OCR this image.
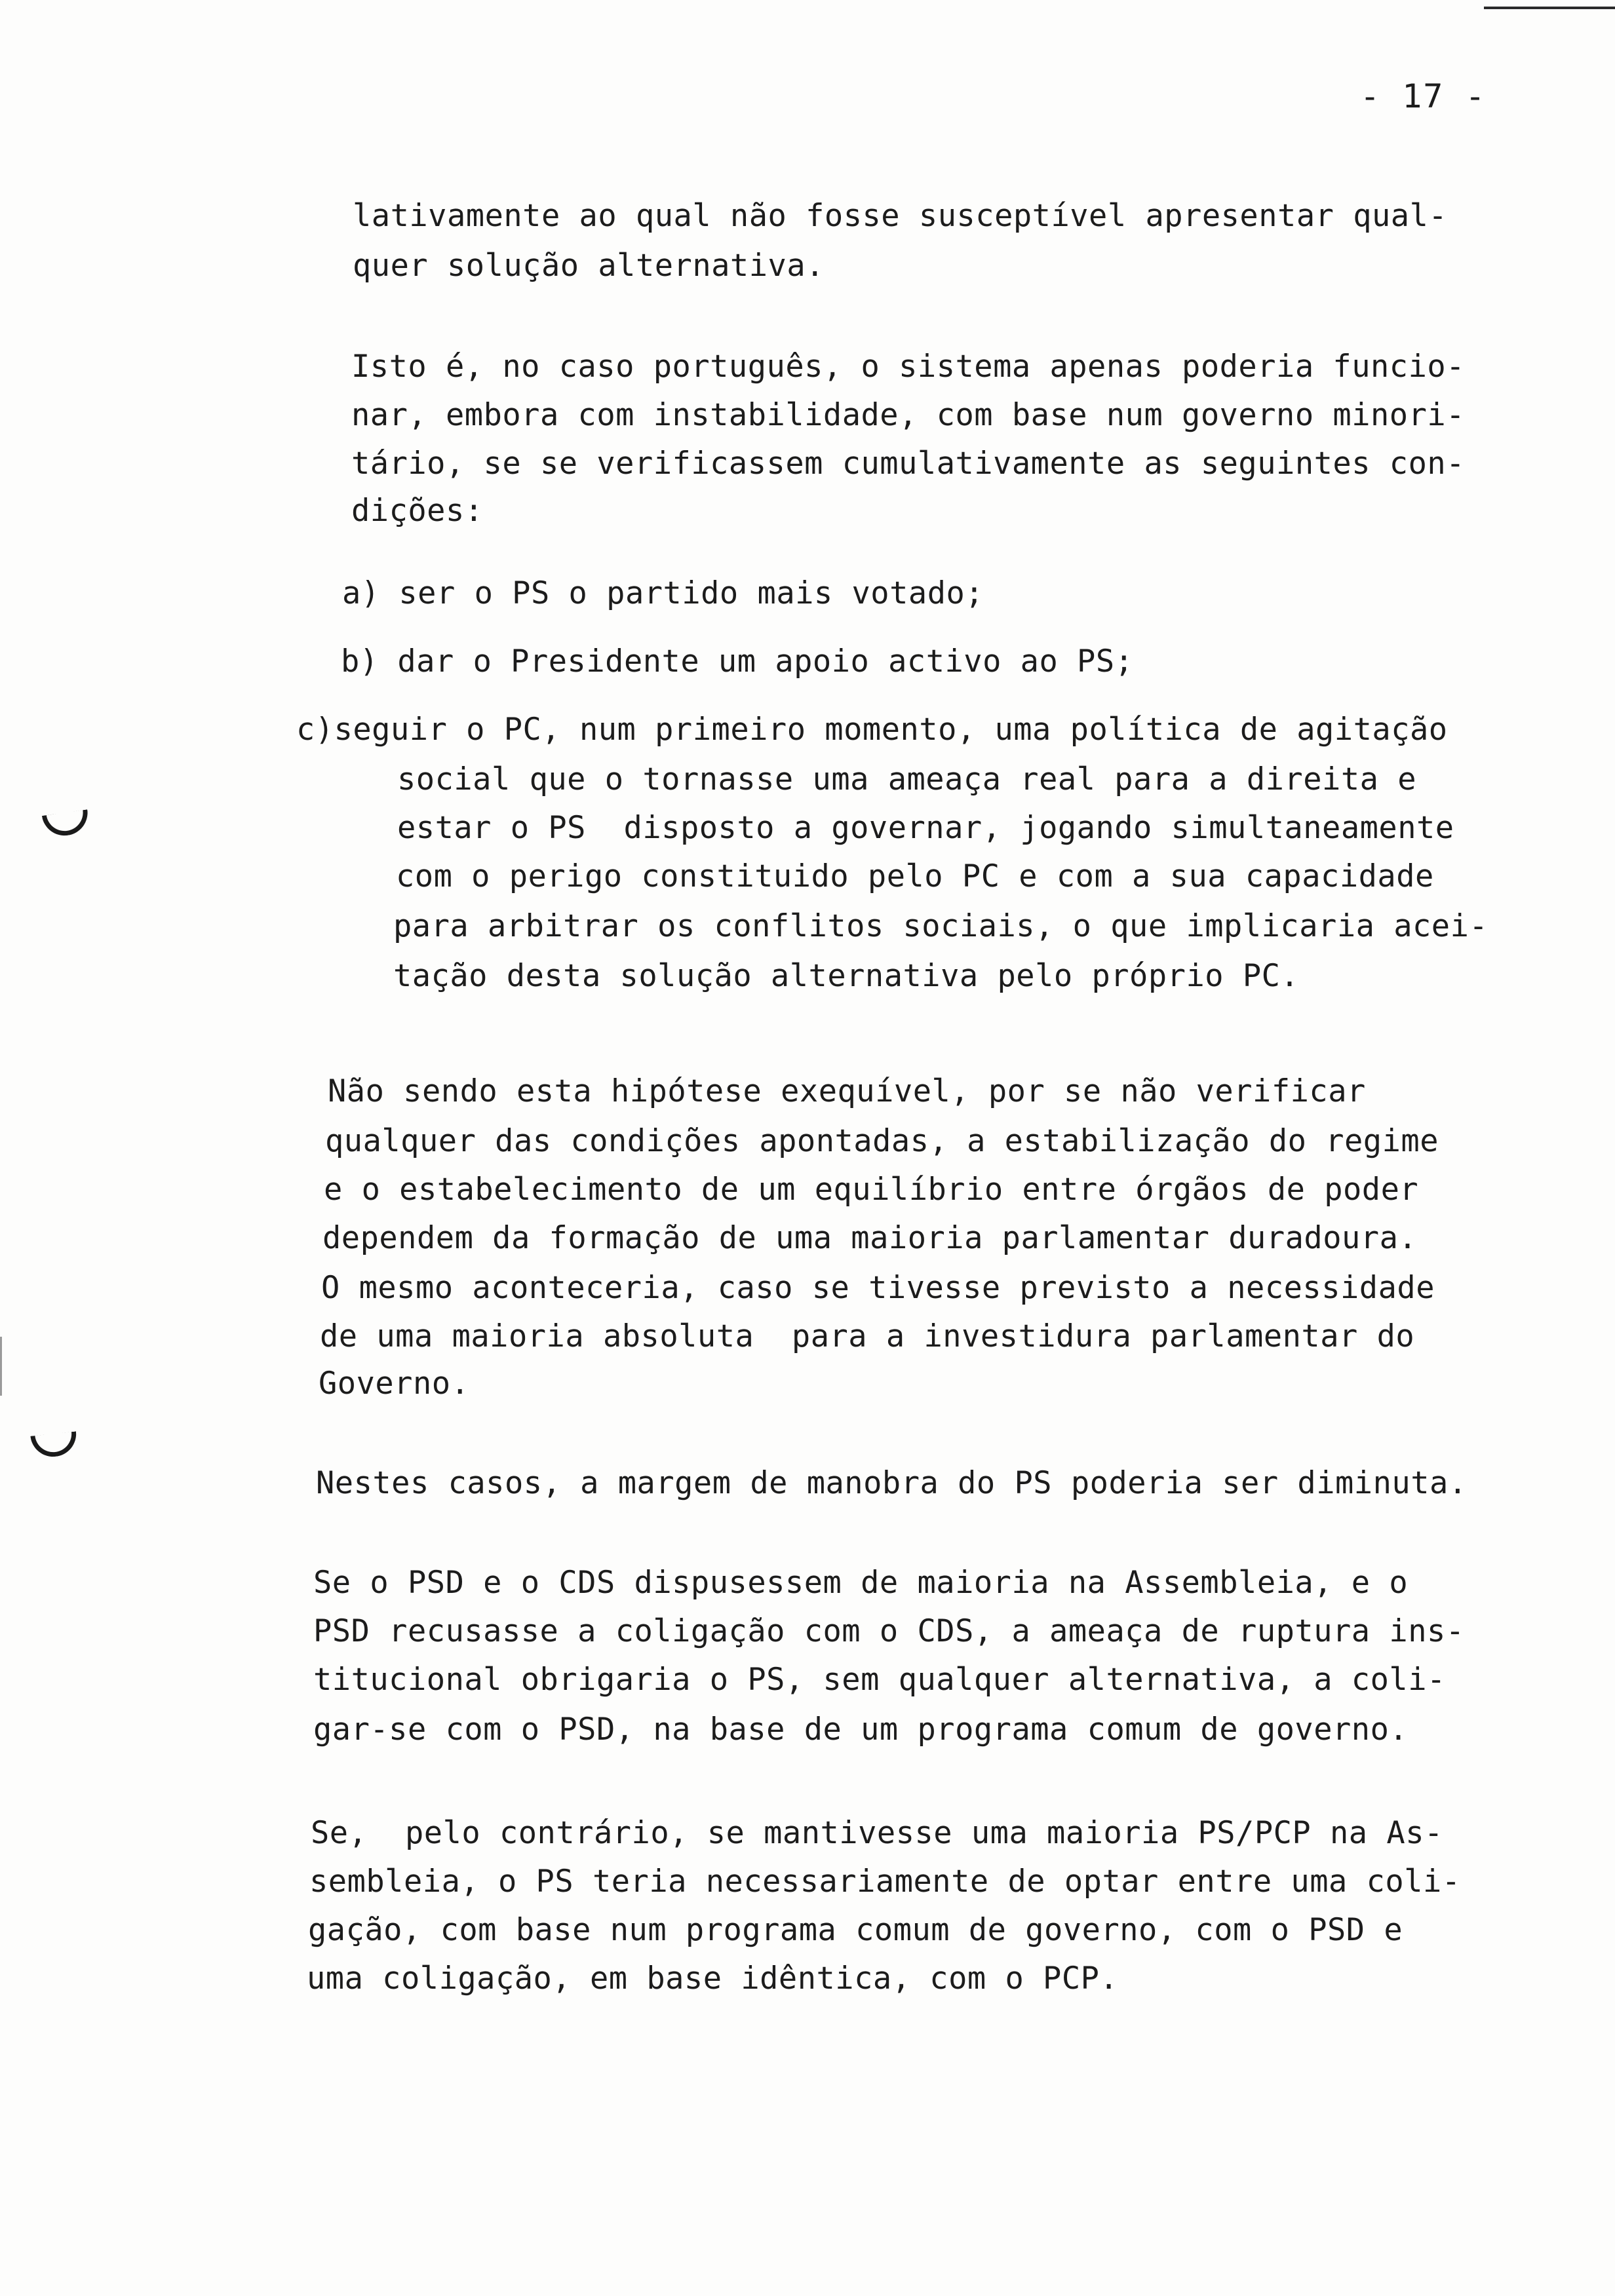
- 17 -
lativamente ao qual não fosse susceptível apresentar qual-
quer solução alternativa.
Isto é, no caso português, o sistema apenas poderia funcio-
nar, embora com instabilidade, com base num governo minori-
tário, se se verificassem cumulativamente as seguintes con-
dições:
a) ser o PS o partido mais votado;
b) dar o Presidente um apoio activo ao PS;
c)seguir o PC, num primeiro momento, uma política de agitação
social que o tornasse uma ameaça real para a direita e
estar o PS  disposto a governar, jogando simultaneamente
com o perigo constituido pelo PC e com a sua capacidade
para arbitrar os conflitos sociais, o que implicaria acei-
tação desta solução alternativa pelo próprio PC.
Não sendo esta hipótese exequível, por se não verificar
qualquer das condições apontadas, a estabilização do regime
e o estabelecimento de um equilíbrio entre órgãos de poder
dependem da formação de uma maioria parlamentar duradoura.
O mesmo aconteceria, caso se tivesse previsto a necessidade
de uma maioria absoluta  para a investidura parlamentar do
Governo.
Nestes casos, a margem de manobra do PS poderia ser diminuta.
Se o PSD e o CDS dispusessem de maioria na Assembleia, e o
PSD recusasse a coligação com o CDS, a ameaça de ruptura ins-
titucional obrigaria o PS, sem qualquer alternativa, a coli-
gar-se com o PSD, na base de um programa comum de governo.
Se,  pelo contrário, se mantivesse uma maioria PS/PCP na As-
sembleia, o PS teria necessariamente de optar entre uma coli-
gação, com base num programa comum de governo, com o PSD e
uma coligação, em base idêntica, com o PCP.
